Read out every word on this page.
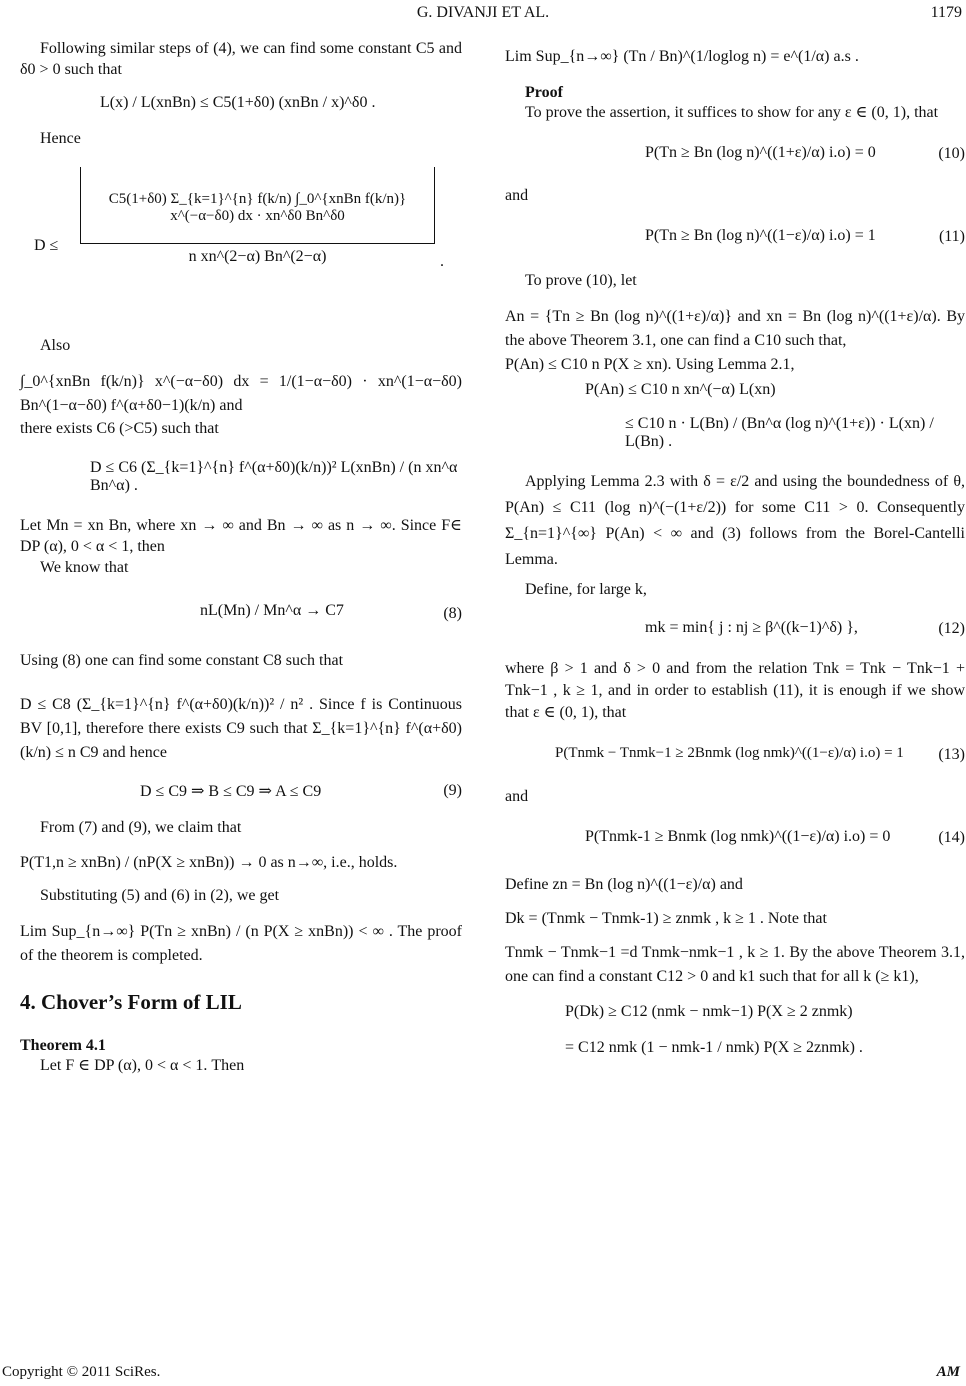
G. DIVANJI ET AL.	1179

Following similar steps of (4), we can find some constant C5 and δ0 > 0 such that

L(x) / L(xnBn) ≤ C5(1+δ0) (xnBn / x)^δ0 .

Hence

D ≤
C5(1+δ0) Σ_{k=1}^{n} f(k/n) ∫_0^{xnBn f(k/n)} x^(−α−δ0) dx · xn^δ0 Bn^δ0
n xn^(2−α) Bn^(2−α)	.

Also

∫_0^{xnBn f(k/n)} x^(−α−δ0) dx = 1/(1−α−δ0) · xn^(1−α−δ0) Bn^(1−α−δ0) f^(α+δ0−1)(k/n) and

there exists C6 (>C5) such that

D ≤ C6 (Σ_{k=1}^{n} f^(α+δ0)(k/n))² L(xnBn) / (n xn^α Bn^α) .

Let Mn = xn Bn, where xn → ∞ and Bn → ∞ as n → ∞. Since F∈ DP (α), 0 < α < 1, then

We know that

nL(Mn) / Mn^α → C7	(8)

Using (8) one can find some constant C8 such that

D ≤ C8 (Σ_{k=1}^{n} f^(α+δ0)(k/n))² / n² . Since f is Continuous BV [0,1], therefore there exists C9 such that Σ_{k=1}^{n} f^(α+δ0)(k/n) ≤ n C9 and hence

D ≤ C9 ⇒ B ≤ C9 ⇒ A ≤ C9	(9)

From (7) and (9), we claim that

P(T1,n ≥ xnBn) / (nP(X ≥ xnBn)) → 0 as n→∞, i.e., holds.

Substituting (5) and (6) in (2), we get

Lim Sup_{n→∞} P(Tn ≥ xnBn) / (n P(X ≥ xnBn)) < ∞ . The proof of the theorem is completed.

4. Chover’s Form of LIL
Theorem 4.1

Let F ∈ DP (α), 0 < α < 1. Then

Lim Sup_{n→∞} (Tn / Bn)^(1/loglog n) = e^(1/α) a.s .
Proof

To prove the assertion, it suffices to show for any ε ∈ (0, 1), that

P(Tn ≥ Bn (log n)^((1+ε)/α) i.o) = 0	(10)

and

P(Tn ≥ Bn (log n)^((1−ε)/α) i.o) = 1	(11)

To prove (10), let

An = {Tn ≥ Bn (log n)^((1+ε)/α)} and xn = Bn (log n)^((1+ε)/α). By the above Theorem 3.1, one can find a C10 such that,

P(An) ≤ C10 n P(X ≥ xn). Using Lemma 2.1,

P(An) ≤ C10 n xn^(−α) L(xn)
≤ C10 n · L(Bn) / (Bn^α (log n)^(1+ε)) · L(xn) / L(Bn) .

Applying Lemma 2.3 with δ = ε/2 and using the boundedness of θ, P(An) ≤ C11 (log n)^(−(1+ε/2)) for some C11 > 0. Consequently Σ_{n=1}^{∞} P(An) < ∞ and (3) follows from the Borel-Cantelli Lemma.

Define, for large k,

mk = min{ j : nj ≥ β^((k−1)^δ) },	(12)

where β > 1 and δ > 0 and from the relation Tnk = Tnk − Tnk−1 + Tnk−1 , k ≥ 1, and in order to establish (11), it is enough if we show that ε ∈ (0, 1), that

P(Tnmk − Tnmk−1 ≥ 2Bnmk (log nmk)^((1−ε)/α) i.o) = 1 (13)

and

P(Tnmk-1 ≥ Bnmk (log nmk)^((1−ε)/α) i.o) = 0	(14)

Define zn = Bn (log n)^((1−ε)/α) and

Dk = (Tnmk − Tnmk-1) ≥ znmk , k ≥ 1 . Note that

Tnmk − Tnmk−1 =d Tnmk−nmk−1 , k ≥ 1. By the above Theorem 3.1, one can find a constant C12 > 0 and k1 such that for all k (≥ k1),

P(Dk) ≥ C12 (nmk − nmk−1) P(X ≥ 2 znmk)
= C12 nmk (1 − nmk-1 / nmk) P(X ≥ 2znmk) .
Copyright © 2011 SciRes.	AM
